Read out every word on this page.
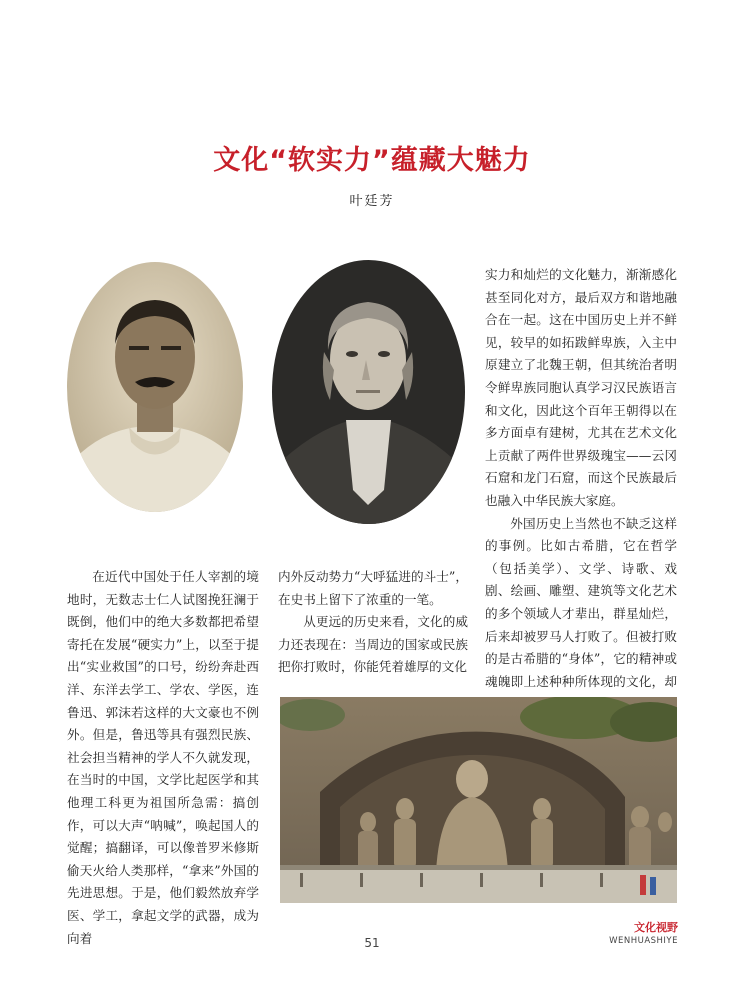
文化“软实力”蕴藏大魅力
叶廷芳

在近代中国处于任人宰割的境地时，无数志士仁人试图挽狂澜于既倒，他们中的绝大多数都把希望寄托在发展“硬实力”上，以至于提出“实业救国”的口号，纷纷奔赴西洋、东洋去学工、学农、学医，连鲁迅、郭沫若这样的大文豪也不例外。但是，鲁迅等具有强烈民族、社会担当精神的学人不久就发现，在当时的中国，文学比起医学和其他理工科更为祖国所急需：搞创作，可以大声“呐喊”，唤起国人的觉醒；搞翻译，可以像普罗米修斯偷天火给人类那样，“拿来”外国的先进思想。于是，他们毅然放弃学医、学工，拿起文学的武器，成为向着

内外反动势力“大呼猛进的斗士”，在史书上留下了浓重的一笔。

从更远的历史来看，文化的威力还表现在：当周边的国家或民族把你打败时，你能凭着雄厚的文化

实力和灿烂的文化魅力，渐渐感化甚至同化对方，最后双方和谐地融合在一起。这在中国历史上并不鲜见，较早的如拓跋鲜卑族，入主中原建立了北魏王朝，但其统治者明令鲜卑族同胞认真学习汉民族语言和文化，因此这个百年王朝得以在多方面卓有建树，尤其在艺术文化上贡献了两件世界级瑰宝——云冈石窟和龙门石窟，而这个民族最后也融入中华民族大家庭。

外国历史上当然也不缺乏这样的事例。比如古希腊，它在哲学（包括美学）、文学、诗歌、戏剧、绘画、雕塑、建筑等文化艺术的多个领域人才辈出，群星灿烂，后来却被罗马人打败了。但被打败的是古希腊的“身体”，它的精神或魂魄即上述种种所体现的文化，却

51
文化视野
WENHUASHIYE
